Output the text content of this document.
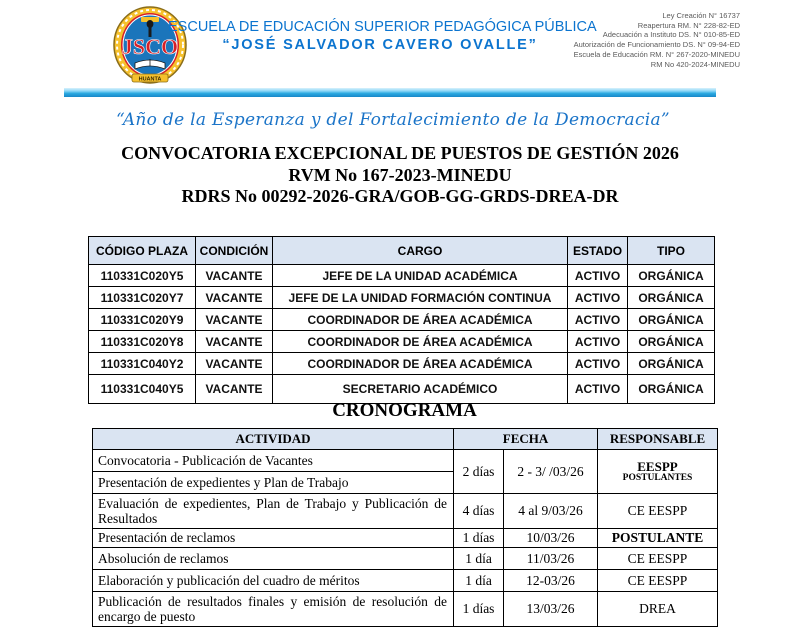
JSCO
HUANTA
ESCUELA DE EDUCACIÓN SUPERIOR PEDAGÓGICA PÚBLICA
“JOSÉ SALVADOR CAVERO OVALLE”
Ley Creación N° 16737
Reapertura RM. N° 228-82-ED
Adecuación a Instituto DS. N° 010-85-ED
Autorización de Funcionamiento DS. N° 09-94-ED
Escuela de Educación RM. N° 267-2020-MINEDU
RM No 420-2024-MINEDU
“Año de la Esperanza y del Fortalecimiento de la Democracia”
CONVOCATORIA EXCEPCIONAL DE PUESTOS DE GESTIÓN 2026
RVM No 167-2023-MINEDU
RDRS No 00292-2026-GRA/GOB-GG-GRDS-DREA-DR
CÓDIGO PLAZA	CONDICIÓN	CARGO	ESTADO	TIPO
110331C020Y5	VACANTE	JEFE DE LA UNIDAD ACADÉMICA	ACTIVO	ORGÁNICA
110331C020Y7	VACANTE	JEFE DE LA UNIDAD FORMACIÓN CONTINUA	ACTIVO	ORGÁNICA
110331C020Y9	VACANTE	COORDINADOR DE ÁREA ACADÉMICA	ACTIVO	ORGÁNICA
110331C020Y8	VACANTE	COORDINADOR DE ÁREA ACADÉMICA	ACTIVO	ORGÁNICA
110331C040Y2	VACANTE	COORDINADOR DE ÁREA ACADÉMICA	ACTIVO	ORGÁNICA
110331C040Y5	VACANTE	SECRETARIO ACADÉMICO	ACTIVO	ORGÁNICA
CRONOGRAMA
ACTIVIDAD	FECHA		RESPONSABLE
Convocatoria - Publicación de Vacantes	2 días	2 - 3/ /03/26	EESPP
POSTULANTES

Presentación de expedientes y Plan de Trabajo			
Evaluación de expedientes, Plan de Trabajo y Publicación de Resultados	4 días	4 al 9/03/26	CE EESPP
Presentación de reclamos	1 días	10/03/26	POSTULANTE
Absolución de reclamos	1 día	11/03/26	CE EESPP
Elaboración y publicación del cuadro de méritos	1 día	12-03/26	CE EESPP
Publicación de resultados finales y emisión de resolución de encargo de puesto	1 días	13/03/26	DREA
